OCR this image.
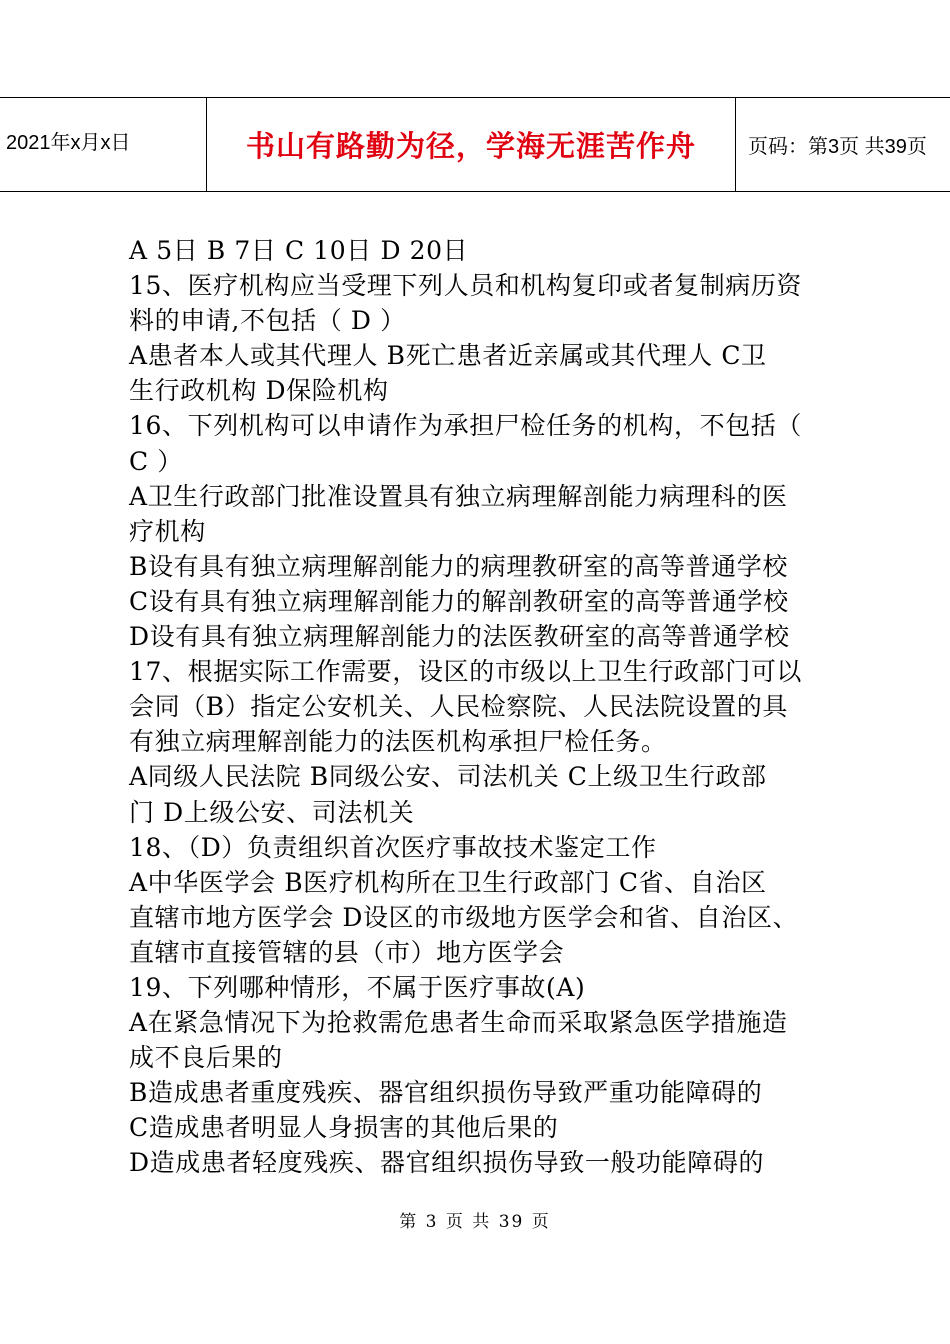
2021年x月x日	书山有路勤为径，学海无涯苦作舟	页码：第3页 共39页
A 5日 B 7日 C 10日 D 20日
15、医疗机构应当受理下列人员和机构复印或者复制病历资
料的申请,不包括（ D ）
A患者本人或其代理人 B死亡患者近亲属或其代理人 C卫
生行政机构 D保险机构
16、下列机构可以申请作为承担尸检任务的机构，不包括（
C ）
A卫生行政部门批准设置具有独立病理解剖能力病理科的医
疗机构
B设有具有独立病理解剖能力的病理教研室的高等普通学校
C设有具有独立病理解剖能力的解剖教研室的高等普通学校
D设有具有独立病理解剖能力的法医教研室的高等普通学校
17、根据实际工作需要，设区的市级以上卫生行政部门可以
会同（B）指定公安机关、人民检察院、人民法院设置的具
有独立病理解剖能力的法医机构承担尸检任务。
A同级人民法院 B同级公安、司法机关 C上级卫生行政部
门 D上级公安、司法机关
18、（D）负责组织首次医疗事故技术鉴定工作
A中华医学会 B医疗机构所在卫生行政部门 C省、自治区
直辖市地方医学会 D设区的市级地方医学会和省、自治区、
直辖市直接管辖的县（市）地方医学会
19、下列哪种情形，不属于医疗事故(A)
A在紧急情况下为抢救需危患者生命而采取紧急医学措施造
成不良后果的
B造成患者重度残疾、器官组织损伤导致严重功能障碍的
C造成患者明显人身损害的其他后果的
D造成患者轻度残疾、器官组织损伤导致一般功能障碍的
第 3 页 共 39 页
